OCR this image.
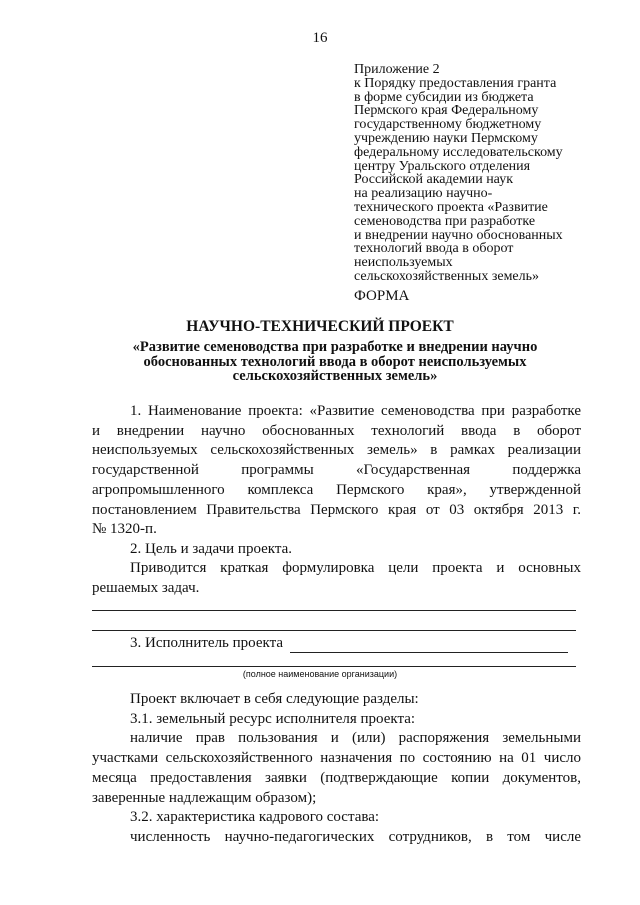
16
Приложение 2
к Порядку предоставления гранта
в форме субсидии из бюджета
Пермского края Федеральному
государственному бюджетному
учреждению науки Пермскому
федеральному исследовательскому
центру Уральского отделения
Российской академии наук
на реализацию научно-
технического проекта «Развитие
семеноводства при разработке
и внедрении научно обоснованных
технологий ввода в оборот
неиспользуемых
сельскохозяйственных земель»
ФОРМА
НАУЧНО-ТЕХНИЧЕСКИЙ ПРОЕКТ
«Развитие семеноводства при разработке и внедрении научно
обоснованных технологий ввода в оборот неиспользуемых
сельскохозяйственных земель»
1. Наименование проекта: «Развитие семеноводства при разработке
и внедрении научно обоснованных технологий ввода в оборот
неиспользуемых сельскохозяйственных земель» в рамках реализации
государственной программы «Государственная поддержка
агропромышленного комплекса Пермского края», утвержденной
постановлением Правительства Пермского края от 03 октября 2013 г.
№ 1320-п.
2. Цель и задачи проекта.
Приводится краткая формулировка цели проекта и основных
решаемых задач.
3. Исполнитель проекта
(полное наименование организации)
Проект включает в себя следующие разделы:
3.1. земельный ресурс исполнителя проекта:
наличие прав пользования и (или) распоряжения земельными
участками сельскохозяйственного назначения по состоянию на 01 число
месяца предоставления заявки (подтверждающие копии документов,
заверенные надлежащим образом);
3.2. характеристика кадрового состава:
численность научно-педагогических сотрудников, в том числе
